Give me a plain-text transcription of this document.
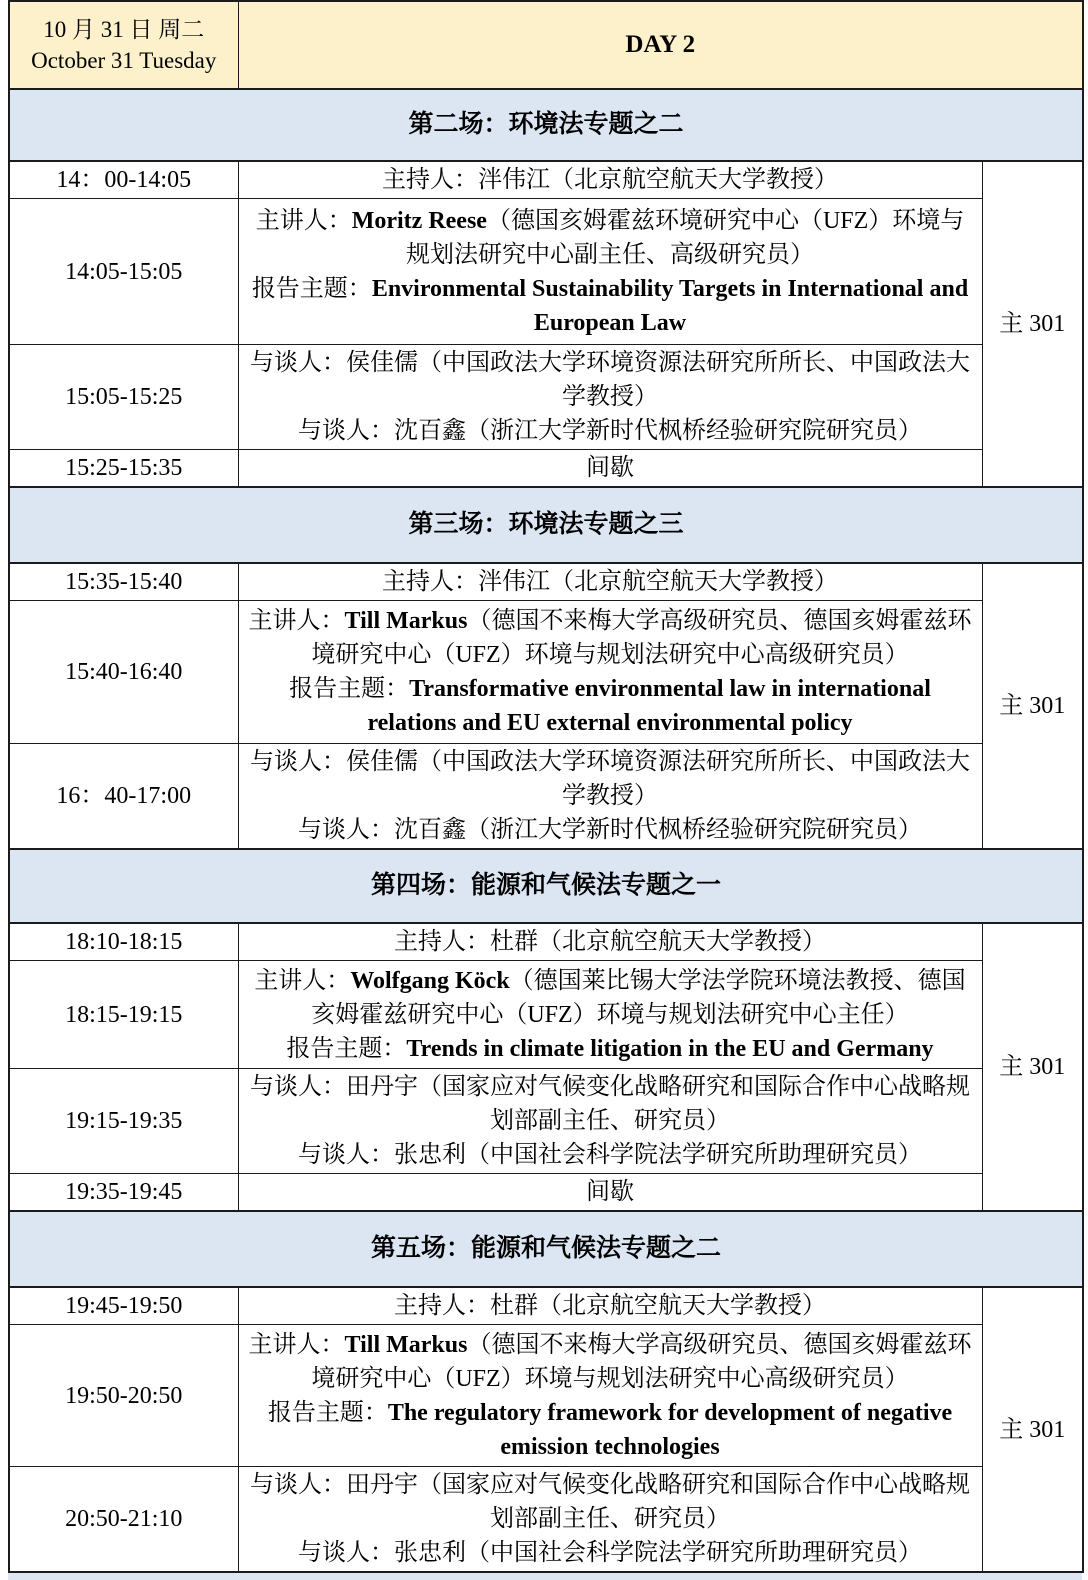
10 月 31 日 周二
October 31 Tuesday	DAY 2	
第二场：环境法专题之二		
14：00-14:05	主持人：泮伟江（北京航空航天大学教授）	主 301
14:05-15:05	主讲人：Moritz Reese（德国亥姆霍兹环境研究中心（UFZ）环境与规划法研究中心副主任、高级研究员）
报告主题：Environmental Sustainability Targets in International and European Law	

15:05-15:25	与谈人：侯佳儒（中国政法大学环境资源法研究所所长、中国政法大学教授）
与谈人：沈百鑫（浙江大学新时代枫桥经验研究院研究员）	

15:25-15:35	间歇	
第三场：环境法专题之三		
15:35-15:40	主持人：泮伟江（北京航空航天大学教授）	主 301
15:40-16:40	主讲人：Till Markus（德国不来梅大学高级研究员、德国亥姆霍兹环境研究中心（UFZ）环境与规划法研究中心高级研究员）
报告主题：Transformative environmental law in international relations and EU external environmental policy	

16：40-17:00	与谈人：侯佳儒（中国政法大学环境资源法研究所所长、中国政法大学教授）
与谈人：沈百鑫（浙江大学新时代枫桥经验研究院研究员）	

第四场：能源和气候法专题之一		
18:10-18:15	主持人：杜群（北京航空航天大学教授）	主 301
18:15-19:15	主讲人：Wolfgang Köck（德国莱比锡大学法学院环境法教授、德国亥姆霍兹研究中心（UFZ）环境与规划法研究中心主任）
报告主题：Trends in climate litigation in the EU and Germany	

19:15-19:35	与谈人：田丹宇（国家应对气候变化战略研究和国际合作中心战略规划部副主任、研究员）
与谈人：张忠利（中国社会科学院法学研究所助理研究员）	

19:35-19:45	间歇	
第五场：能源和气候法专题之二		
19:45-19:50	主持人：杜群（北京航空航天大学教授）	主 301
19:50-20:50	主讲人：Till Markus（德国不来梅大学高级研究员、德国亥姆霍兹环境研究中心（UFZ）环境与规划法研究中心高级研究员）
报告主题：The regulatory framework for development of negative emission technologies	

20:50-21:10	与谈人：田丹宇（国家应对气候变化战略研究和国际合作中心战略规划部副主任、研究员）
与谈人：张忠利（中国社会科学院法学研究所助理研究员）	
